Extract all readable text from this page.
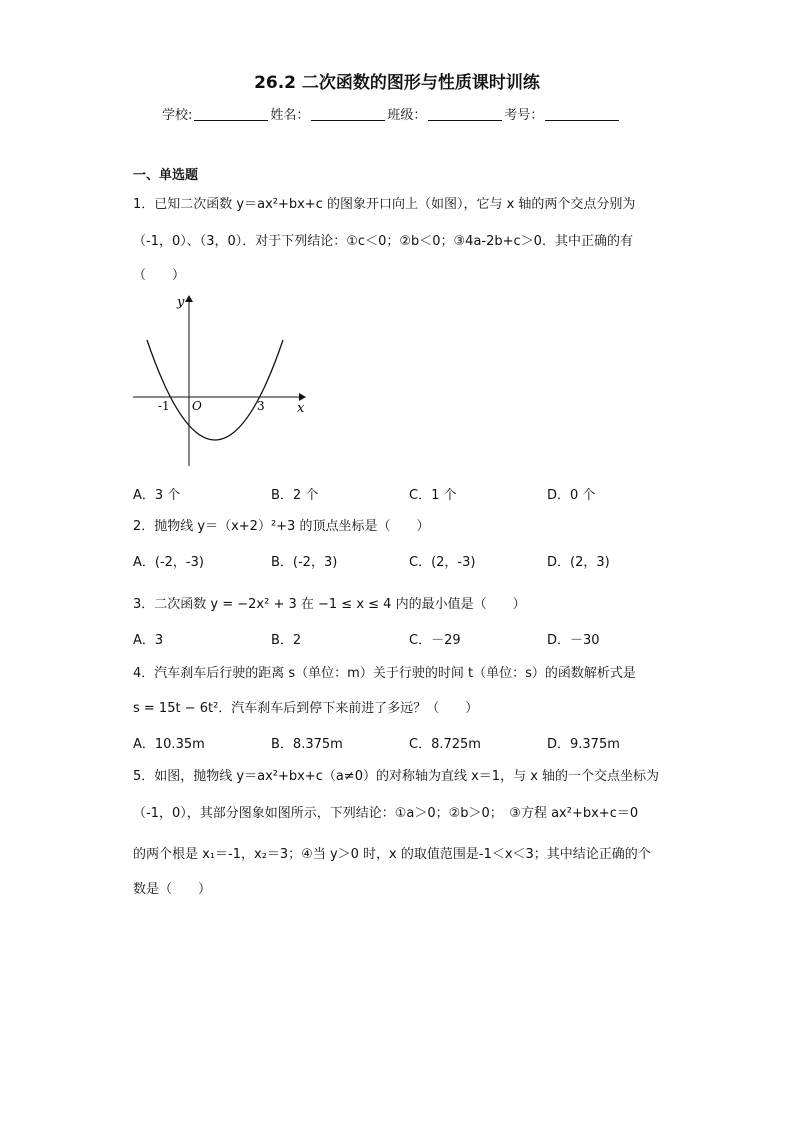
26.2 二次函数的图形与性质课时训练
学校:	姓名：	班级：	考号：
一、单选题
1．已知二次函数 y＝ax²+bx+c 的图象开口向上（如图），它与 x 轴的两个交点分别为
（-1，0）、（3，0）．对于下列结论：①c＜0；②b＜0；③4a-2b+c＞0．其中正确的有
（　　）
y
x
O
-1	3
A．3 个	B．2 个	C．1 个	D．0 个
2．抛物线 y＝（x+2）²+3 的顶点坐标是（　　）
A．(-2，-3)	B．(-2，3)	C．(2，-3)	D．(2，3)
3．二次函数 y = −2x² + 3 在 −1 ≤ x ≤ 4 内的最小值是（　　）
A．3	B．2	C．－29	D．－30
4．汽车刹车后行驶的距离 s（单位：m）关于行驶的时间 t（单位：s）的函数解析式是
s = 15t − 6t²．汽车刹车后到停下来前进了多远？（　　）
A．10.35m	B．8.375m	C．8.725m	D．9.375m
5．如图，抛物线 y＝ax²+bx+c（a≠0）的对称轴为直线 x＝1，与 x 轴的一个交点坐标为
（-1，0），其部分图象如图所示，下列结论：①a＞0；②b＞0；　③方程 ax²+bx+c＝0
的两个根是 x₁＝-1，x₂＝3；④当 y＞0 时，x 的取值范围是-1＜x＜3；其中结论正确的个
数是（　　）
